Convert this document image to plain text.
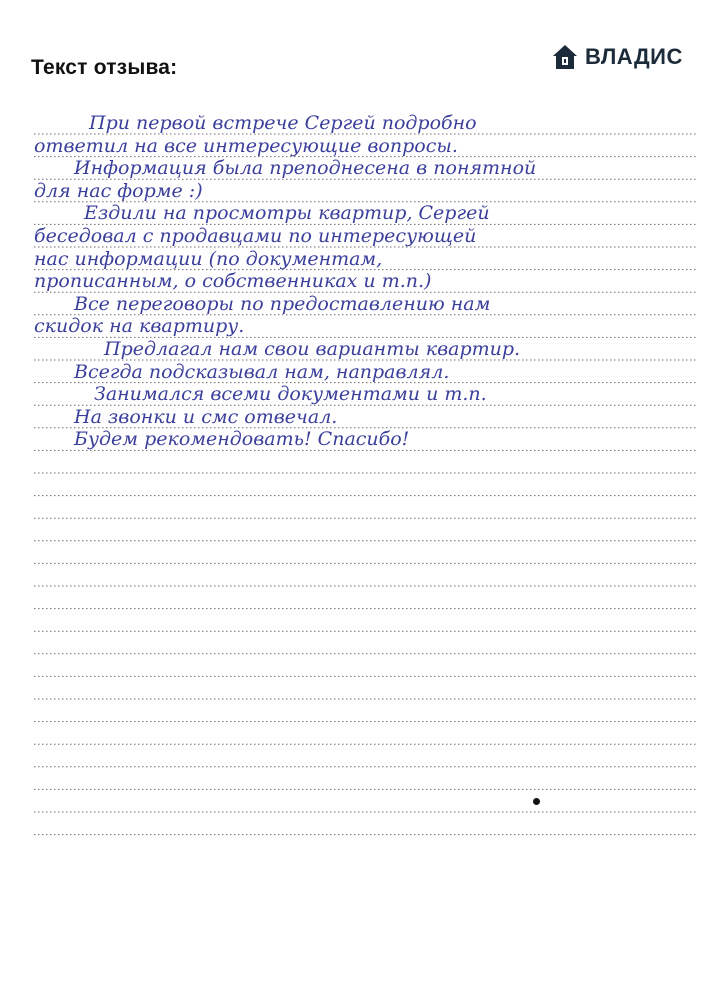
Текст отзыва:	ВЛАДИС
При первой встрече Сергей подробно
ответил на все интересующие вопросы.
Информация была преподнесена в понятной
для нас форме :)
Ездили на просмотры квартир, Сергей
беседовал с продавцами по интересующей
нас информации (по документам,
прописанным, о собственниках и т.п.)
Все переговоры по предоставлению нам
скидок на квартиру.
Предлагал нам свои варианты квартир.
Всегда подсказывал нам, направлял.
Занимался всеми документами и т.п.
На звонки и смс отвечал.
Будем рекомендовать! Спасибо!
